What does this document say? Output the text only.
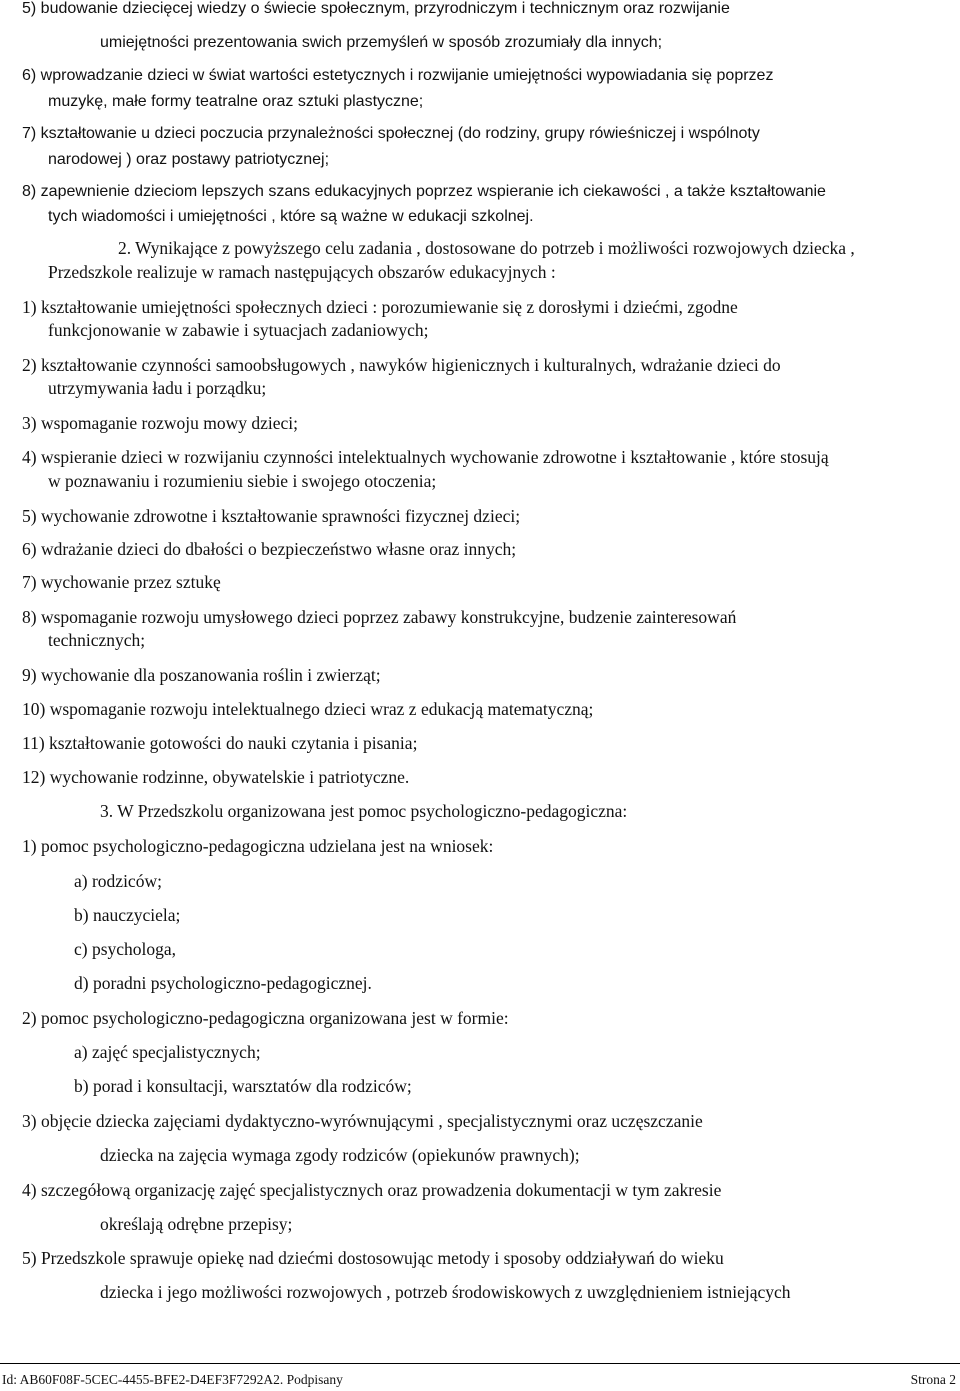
5) budowanie dziecięcej wiedzy o świecie społecznym, przyrodniczym i technicznym oraz rozwijanie
umiejętności prezentowania swich przemyśleń w sposób zrozumiały dla innych;
6) wprowadzanie dzieci w świat wartości estetycznych i rozwijanie umiejętności wypowiadania się poprzez
muzykę, małe formy teatralne oraz sztuki plastyczne;
7) kształtowanie u dzieci poczucia przynależności społecznej (do rodziny, grupy rówieśniczej i wspólnoty
narodowej ) oraz postawy patriotycznej;
8) zapewnienie dzieciom lepszych szans edukacyjnych poprzez wspieranie ich ciekawości , a także kształtowanie
tych wiadomości i umiejętności , które są ważne w edukacji szkolnej.
2. Wynikające z powyższego celu zadania , dostosowane do potrzeb i możliwości rozwojowych dziecka ,
Przedszkole realizuje w ramach następujących obszarów edukacyjnych :
1) kształtowanie umiejętności społecznych dzieci : porozumiewanie się z dorosłymi i dziećmi, zgodne
funkcjonowanie w zabawie i sytuacjach zadaniowych;
2) kształtowanie czynności samoobsługowych , nawyków higienicznych i kulturalnych, wdrażanie dzieci do
utrzymywania ładu i porządku;
3) wspomaganie rozwoju mowy dzieci;
4) wspieranie dzieci w rozwijaniu czynności intelektualnych wychowanie zdrowotne i kształtowanie , które stosują
w poznawaniu i rozumieniu siebie i swojego otoczenia;
5) wychowanie zdrowotne i kształtowanie sprawności fizycznej dzieci;
6) wdrażanie dzieci do dbałości o bezpieczeństwo własne oraz innych;
7) wychowanie przez sztukę
8) wspomaganie rozwoju umysłowego dzieci poprzez zabawy konstrukcyjne, budzenie zainteresowań
technicznych;
9) wychowanie dla poszanowania roślin i zwierząt;
10) wspomaganie rozwoju intelektualnego dzieci wraz z edukacją matematyczną;
11) kształtowanie gotowości do nauki czytania i pisania;
12) wychowanie rodzinne, obywatelskie i patriotyczne.
3. W Przedszkolu organizowana jest pomoc psychologiczno-pedagogiczna:
1) pomoc psychologiczno-pedagogiczna udzielana jest na wniosek:
a) rodziców;
b) nauczyciela;
c) psychologa,
d) poradni psychologiczno-pedagogicznej.
2) pomoc psychologiczno-pedagogiczna organizowana jest w formie:
a) zajęć specjalistycznych;
b) porad i konsultacji, warsztatów dla rodziców;
3) objęcie dziecka zajęciami dydaktyczno-wyrównującymi , specjalistycznymi oraz uczęszczanie
dziecka na zajęcia wymaga zgody rodziców (opiekunów prawnych);
4) szczegółową organizację zajęć specjalistycznych oraz prowadzenia dokumentacji w tym zakresie
określają odrębne przepisy;
5) Przedszkole sprawuje opiekę nad dziećmi dostosowując metody i sposoby oddziaływań do wieku
dziecka i jego możliwości rozwojowych , potrzeb środowiskowych z uwzględnieniem istniejących
Id: AB60F08F-5CEC-4455-BFE2-D4EF3F7292A2. Podpisany	Strona 2
